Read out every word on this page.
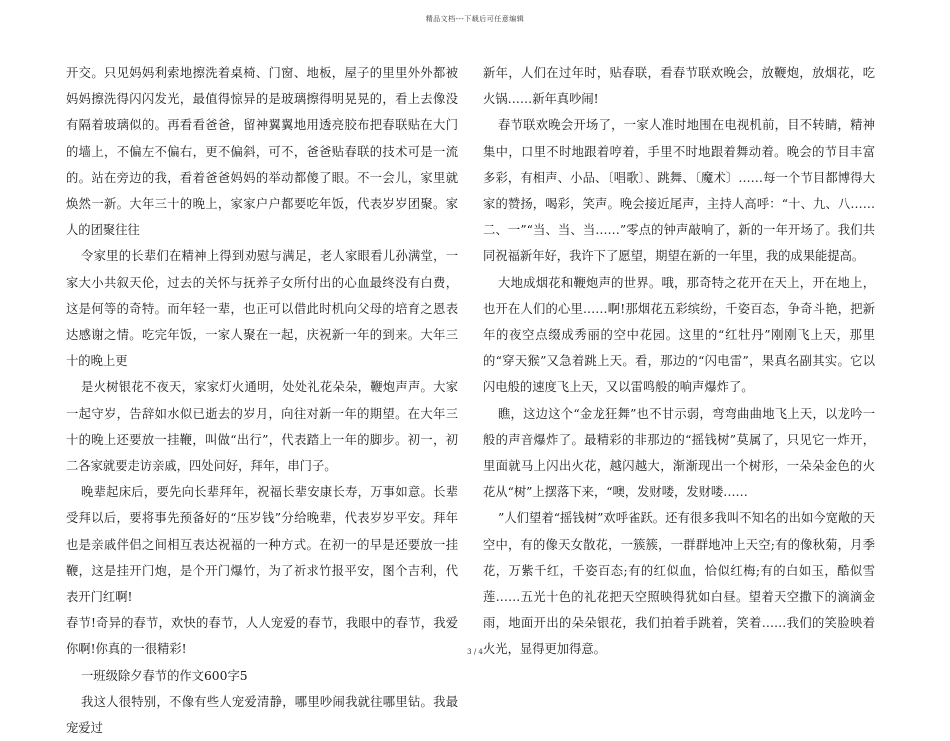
精品文档---下载后可任意编辑

开交。只见妈妈利索地擦洗着桌椅、门窗、地板，屋子的里里外外都被妈妈擦洗得闪闪发光，最值得惊异的是玻璃擦得明晃晃的，看上去像没有隔着玻璃似的。再看看爸爸，留神翼翼地用透亮胶布把春联贴在大门的墙上，不偏左不偏右，更不偏斜，可不，爸爸贴春联的技术可是一流的。站在旁边的我，看着爸爸妈妈的举动都傻了眼。不一会儿，家里就焕然一新。大年三十的晚上，家家户户都要吃年饭，代表岁岁团聚。家人的团聚往往

令家里的长辈们在精神上得到劝慰与满足，老人家眼看儿孙满堂，一家大小共叙天伦，过去的关怀与抚养子女所付出的心血最终没有白费，这是何等的奇特。而年轻一辈，也正可以借此时机向父母的培育之恩表达感谢之情。吃完年饭，一家人聚在一起，庆祝新一年的到来。大年三十的晚上更

是火树银花不夜天，家家灯火通明，处处礼花朵朵，鞭炮声声。大家一起守岁，告辞如水似已逝去的岁月，向往对新一年的期望。在大年三十的晚上还要放一挂鞭，叫做“出行”，代表踏上一年的脚步。初一，初二各家就要走访亲戚，四处问好，拜年，串门子。

晚辈起床后，要先向长辈拜年，祝福长辈安康长寿，万事如意。长辈受拜以后，要将事先预备好的“压岁钱”分给晚辈，代表岁岁平安。拜年也是亲戚伴侣之间相互表达祝福的一种方式。在初一的早是还要放一挂鞭，这是挂开门炮，是个开门爆竹，为了祈求竹报平安，图个吉利，代表开门红啊!

春节!奇异的春节，欢快的春节，人人宠爱的春节，我眼中的春节，我爱你啊!你真的一很精彩!

一班级除夕春节的作文600字5

我这人很特别，不像有些人宠爱清静，哪里吵闹我就往哪里钻。我最宠爱过

新年，人们在过年时，贴春联，看春节联欢晚会，放鞭炮，放烟花，吃火锅……新年真吵闹!

春节联欢晚会开场了，一家人准时地围在电视机前，目不转睛，精神集中，口里不时地跟着哼着，手里不时地跟着舞动着。晚会的节目丰富多彩，有相声、小品、〔唱歌〕、跳舞、〔魔术〕……每一个节目都博得大家的赞扬，喝彩，笑声。晚会接近尾声，主持人高呼：“十、九、八……二、一”“当、当、当……”零点的钟声敲响了，新的一年开场了。我们共同祝福新年好，我许下了愿望，期望在新的一年里，我的成果能提高。

大地成烟花和鞭炮声的世界。哦，那奇特之花开在天上，开在地上，也开在人们的心里……啊!那烟花五彩缤纷，千姿百态，争奇斗艳，把新年的夜空点缀成秀丽的空中花园。这里的“红牡丹”刚刚飞上天，那里的“穿天猴”又急着跳上天。看，那边的“闪电雷”，果真名副其实。它以闪电般的速度飞上天，又以雷鸣般的响声爆炸了。

瞧，这边这个“金龙狂舞”也不甘示弱，弯弯曲曲地飞上天，以龙吟一般的声音爆炸了。最精彩的非那边的“摇钱树”莫属了，只见它一炸开，里面就马上闪出火花，越闪越大，渐渐现出一个树形，一朵朵金色的火花从“树”上摆落下来，“噢，发财喽，发财喽……

”人们望着“摇钱树”欢呼雀跃。还有很多我叫不知名的出如今宽敞的天空中，有的像天女散花，一簇簇，一群群地冲上天空;有的像秋菊，月季花，万紫千红，千姿百态;有的红似血，恰似红梅;有的白如玉，酷似雪莲……五光十色的礼花把天空照映得犹如白昼。望着天空撒下的滴滴金雨，地面开出的朵朵银花，我们拍着手跳着，笑着……我们的笑脸映着火光，显得更加得意。

3 / 4
